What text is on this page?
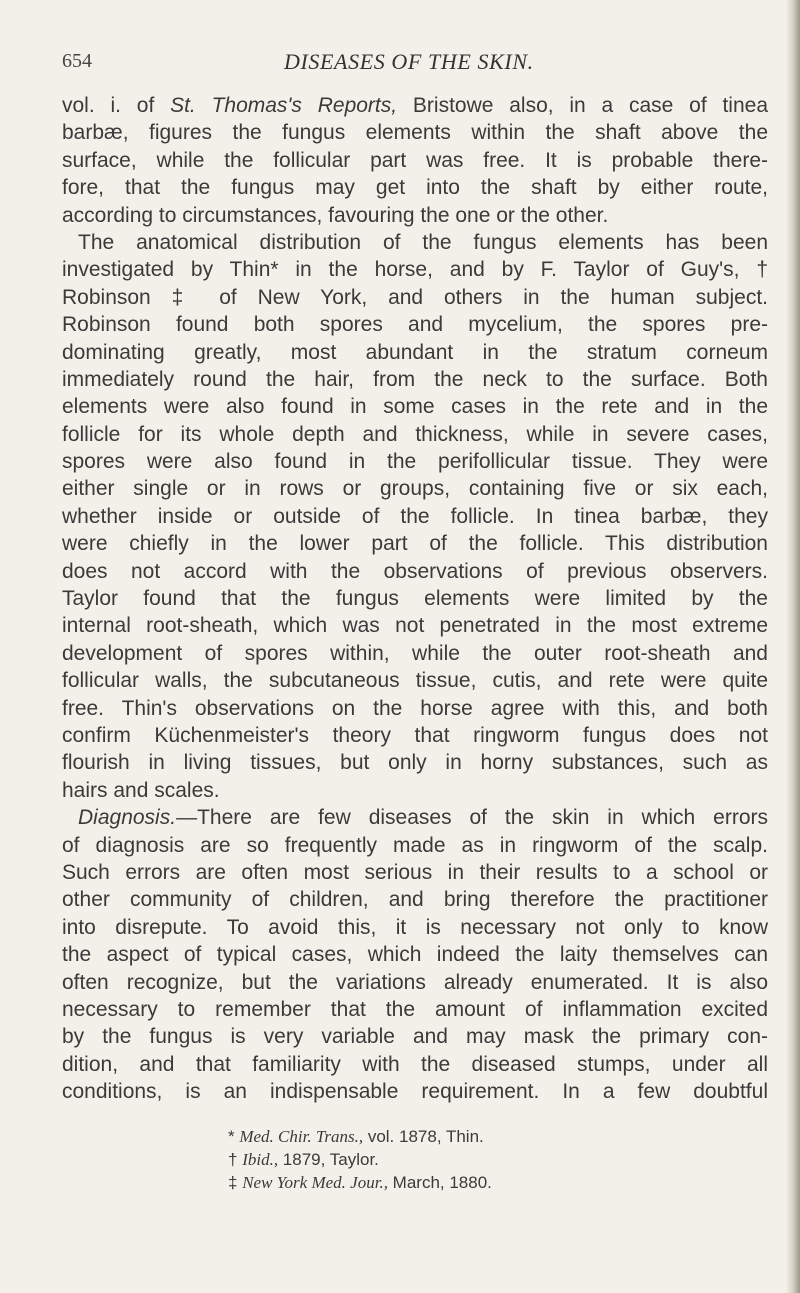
654	DISEASES OF THE SKIN.
vol. i. of St. Thomas's Reports, Bristowe also, in a case of tinea
barbæ, figures the fungus elements within the shaft above the
surface, while the follicular part was free. It is probable there-
fore, that the fungus may get into the shaft by either route,
according to circumstances, favouring the one or the other.
The anatomical distribution of the fungus elements has been
investigated by Thin* in the horse, and by F. Taylor of Guy's, †
Robinson ‡ of New York, and others in the human subject.
Robinson found both spores and mycelium, the spores pre-
dominating greatly, most abundant in the stratum corneum
immediately round the hair, from the neck to the surface. Both
elements were also found in some cases in the rete and in the
follicle for its whole depth and thickness, while in severe cases,
spores were also found in the perifollicular tissue. They were
either single or in rows or groups, containing five or six each,
whether inside or outside of the follicle. In tinea barbæ, they
were chiefly in the lower part of the follicle. This distribution
does not accord with the observations of previous observers.
Taylor found that the fungus elements were limited by the
internal root-sheath, which was not penetrated in the most extreme
development of spores within, while the outer root-sheath and
follicular walls, the subcutaneous tissue, cutis, and rete were quite
free. Thin's observations on the horse agree with this, and both
confirm Küchenmeister's theory that ringworm fungus does not
flourish in living tissues, but only in horny substances, such as
hairs and scales.
Diagnosis.—There are few diseases of the skin in which errors
of diagnosis are so frequently made as in ringworm of the scalp.
Such errors are often most serious in their results to a school or
other community of children, and bring therefore the practitioner
into disrepute. To avoid this, it is necessary not only to know
the aspect of typical cases, which indeed the laity themselves can
often recognize, but the variations already enumerated. It is also
necessary to remember that the amount of inflammation excited
by the fungus is very variable and may mask the primary con-
dition, and that familiarity with the diseased stumps, under all
conditions, is an indispensable requirement. In a few doubtful
* Med. Chir. Trans., vol. 1878, Thin.
† Ibid., 1879, Taylor.
‡ New York Med. Jour., March, 1880.
